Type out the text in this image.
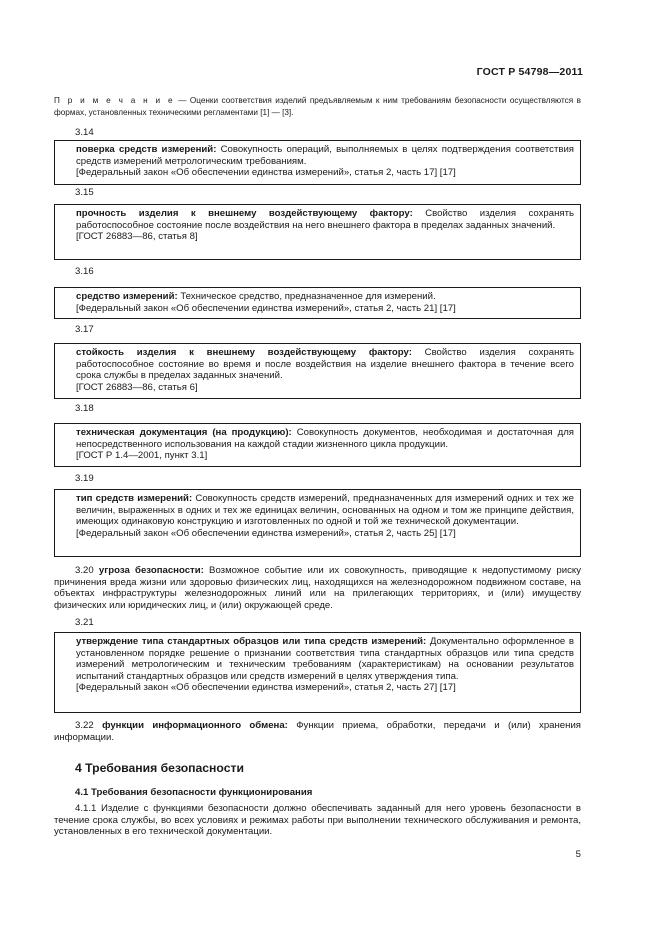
ГОСТ Р 54798—2011
П р и м е ч а н и е — Оценки соответствия изделий предъявляемым к ним требованиям безопасности осуществляются в формах, установленных техническими регламентами [1] — [3].
3.14
поверка средств измерений: Совокупность операций, выполняемых в целях подтверждения соответствия средств измерений метрологическим требованиям.
[Федеральный закон «Об обеспечении единства измерений», статья 2, часть 17] [17]
3.15
прочность изделия к внешнему воздействующему фактору: Свойство изделия сохранять работоспособное состояние после воздействия на него внешнего фактора в пределах заданных значений.
[ГОСТ 26883—86, статья 8]
3.16
средство измерений: Техническое средство, предназначенное для измерений.
[Федеральный закон «Об обеспечении единства измерений», статья 2, часть 21] [17]
3.17
стойкость изделия к внешнему воздействующему фактору: Свойство изделия сохранять работоспособное состояние во время и после воздействия на изделие внешнего фактора в течение всего срока службы в пределах заданных значений.
[ГОСТ 26883—86, статья 6]
3.18
техническая документация (на продукцию): Совокупность документов, необходимая и достаточная для непосредственного использования на каждой стадии жизненного цикла продукции.
[ГОСТ Р 1.4—2001, пункт 3.1]
3.19
тип средств измерений: Совокупность средств измерений, предназначенных для измерений одних и тех же величин, выраженных в одних и тех же единицах величин, основанных на одном и том же принципе действия, имеющих одинаковую конструкцию и изготовленных по одной и той же технической документации.
[Федеральный закон «Об обеспечении единства измерений», статья 2, часть 25] [17]
3.20 угроза безопасности: Возможное событие или их совокупность, приводящие к недопустимому риску причинения вреда жизни или здоровью физических лиц, находящихся на железнодорожном подвижном составе, на объектах инфраструктуры железнодорожных линий или на прилегающих территориях, и (или) имуществу физических или юридических лиц, и (или) окружающей среде.
3.21
утверждение типа стандартных образцов или типа средств измерений: Документально оформленное в установленном порядке решение о признании соответствия типа стандартных образцов или типа средств измерений метрологическим и техническим требованиям (характеристикам) на основании результатов испытаний стандартных образцов или средств измерений в целях утверждения типа.
[Федеральный закон «Об обеспечении единства измерений», статья 2, часть 27] [17]
3.22 функции информационного обмена: Функции приема, обработки, передачи и (или) хранения информации.
4 Требования безопасности
4.1 Требования безопасности функционирования
4.1.1 Изделие с функциями безопасности должно обеспечивать заданный для него уровень безопасности в течение срока службы, во всех условиях и режимах работы при выполнении технического обслуживания и ремонта, установленных в его технической документации.
5
